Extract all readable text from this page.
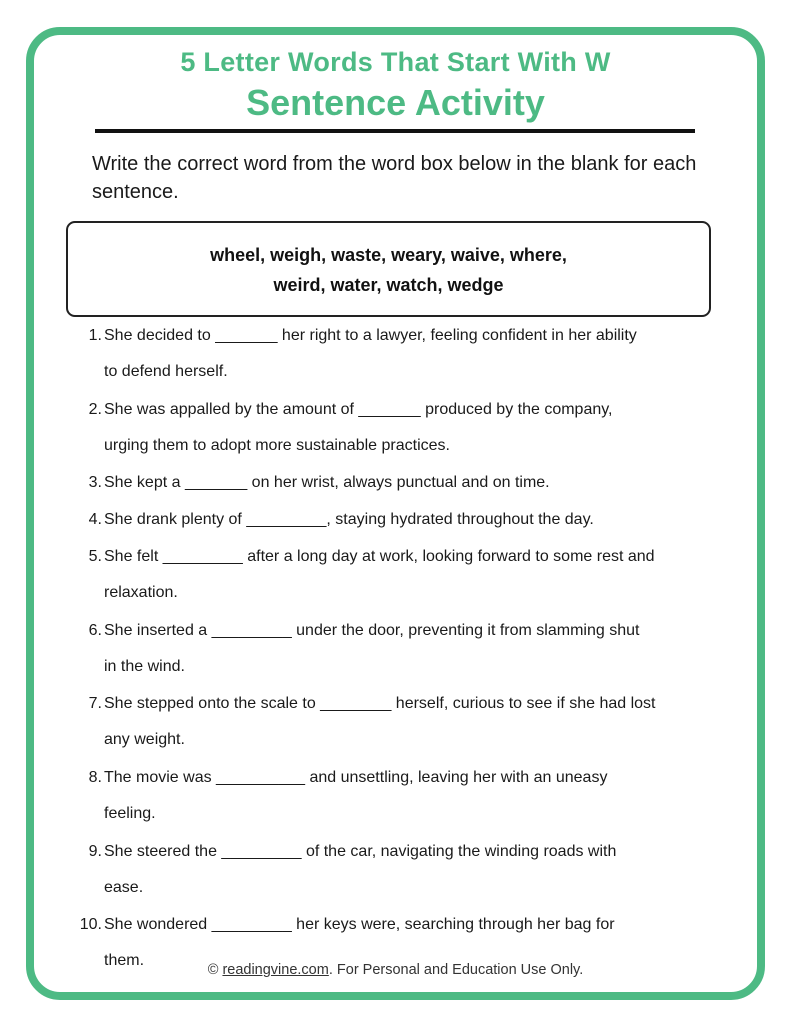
5 Letter Words That Start With W
Sentence Activity
Write the correct word from the word box below in the blank for each sentence.
wheel, weigh, waste, weary, waive, where,
weird, water, watch, wedge
1. She decided to _______ her right to a lawyer, feeling confident in her ability
to defend herself.
2. She was appalled by the amount of _______ produced by the company,
urging them to adopt more sustainable practices.
3. She kept a _______ on her wrist, always punctual and on time.
4. She drank plenty of _________, staying hydrated throughout the day.
5. She felt _________ after a long day at work, looking forward to some rest and
relaxation.
6. She inserted a _________ under the door, preventing it from slamming shut
in the wind.
7. She stepped onto the scale to ________ herself, curious to see if she had lost
any weight.
8. The movie was __________ and unsettling, leaving her with an uneasy
feeling.
9. She steered the _________ of the car, navigating the winding roads with
ease.
10. She wondered _________ her keys were, searching through her bag for
them.
© readingvine.com. For Personal and Education Use Only.
